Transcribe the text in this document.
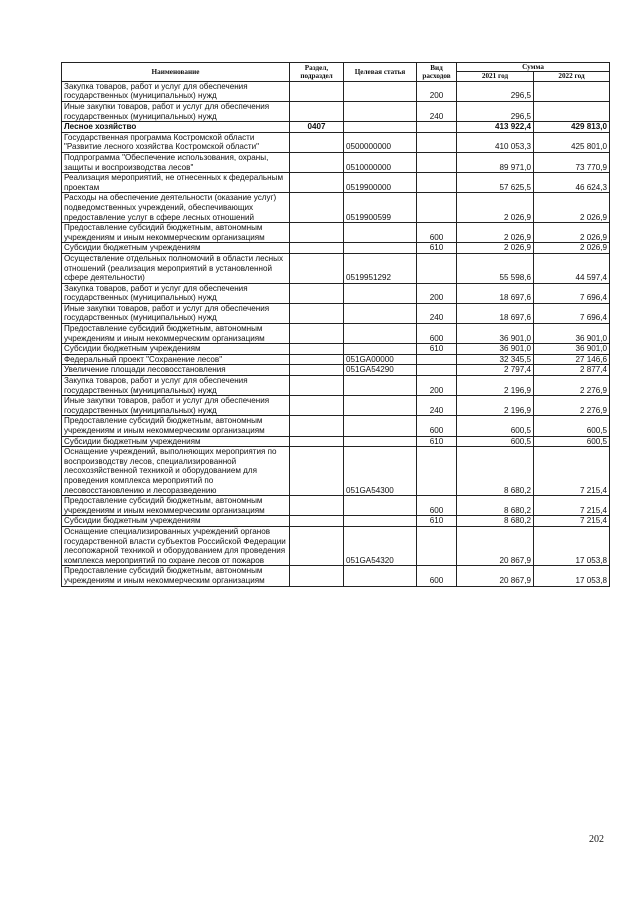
Наименование	Раздел, подраздел	Целевая статья	Вид расходов	Сумма	
				2021 год	2022 год
Закупка товаров, работ и услуг для обеспечения государственных (муниципальных) нужд			200	296,5	
Иные закупки товаров, работ и услуг для обеспечения государственных (муниципальных) нужд			240	296,5	
Лесное хозяйство	0407			413 922,4	429 813,0
Государственная программа Костромской области "Развитие лесного хозяйства Костромской области"		0500000000		410 053,3	425 801,0
Подпрограмма "Обеспечение использования, охраны, защиты и воспроизводства лесов"		0510000000		89 971,0	73 770,9
Реализация мероприятий, не отнесенных к федеральным проектам		0519900000		57 625,5	46 624,3
Расходы на обеспечение деятельности (оказание услуг) подведомственных учреждений, обеспечивающих предоставление услуг в сфере лесных отношений		0519900599		2 026,9	2 026,9
Предоставление субсидий бюджетным, автономным учреждениям и иным некоммерческим организациям			600	2 026,9	2 026,9
Субсидии бюджетным учреждениям			610	2 026,9	2 026,9
Осуществление отдельных полномочий в области лесных отношений (реализация мероприятий в установленной сфере деятельности)		0519951292		55 598,6	44 597,4
Закупка товаров, работ и услуг для обеспечения государственных (муниципальных) нужд			200	18 697,6	7 696,4
Иные закупки товаров, работ и услуг для обеспечения государственных (муниципальных) нужд			240	18 697,6	7 696,4
Предоставление субсидий бюджетным, автономным учреждениям и иным некоммерческим организациям			600	36 901,0	36 901,0
Субсидии бюджетным учреждениям			610	36 901,0	36 901,0
Федеральный проект "Сохранение лесов"		051GA00000		32 345,5	27 146,6
Увеличение площади лесовосстановления		051GA54290		2 797,4	2 877,4
Закупка товаров, работ и услуг для обеспечения государственных (муниципальных) нужд			200	2 196,9	2 276,9
Иные закупки товаров, работ и услуг для обеспечения государственных (муниципальных) нужд			240	2 196,9	2 276,9
Предоставление субсидий бюджетным, автономным учреждениям и иным некоммерческим организациям			600	600,5	600,5
Субсидии бюджетным учреждениям			610	600,5	600,5
Оснащение учреждений, выполняющих мероприятия по воспроизводству лесов, специализированной лесохозяйственной техникой и оборудованием для проведения комплекса мероприятий по лесовосстановлению и лесоразведению		051GA54300		8 680,2	7 215,4
Предоставление субсидий бюджетным, автономным учреждениям и иным некоммерческим организациям			600	8 680,2	7 215,4
Субсидии бюджетным учреждениям			610	8 680,2	7 215,4
Оснащение специализированных учреждений органов государственной власти субъектов Российской Федерации лесопожарной техникой и оборудованием для проведения комплекса мероприятий по охране лесов от пожаров		051GA54320		20 867,9	17 053,8
Предоставление субсидий бюджетным, автономным учреждениям и иным некоммерческим организациям			600	20 867,9	17 053,8
202
